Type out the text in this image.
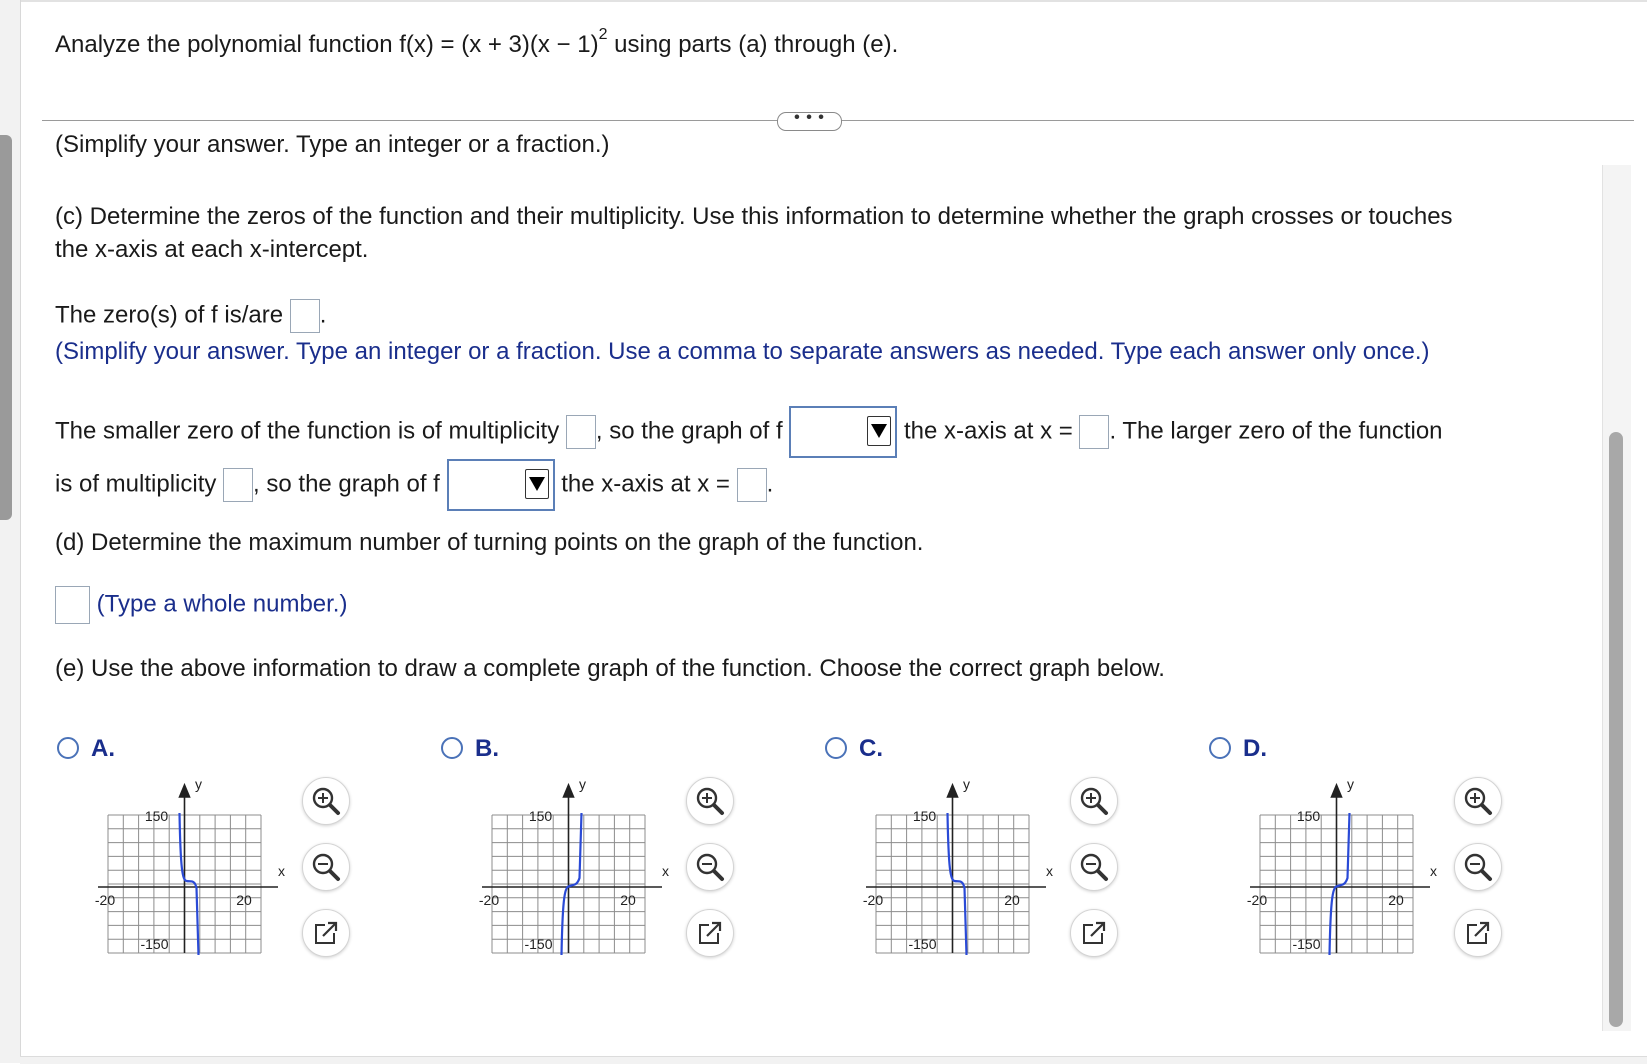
Analyze the polynomial function $f(x) = (x + 3)(x - 1)^2$ using parts (a) through (e).
• • •
(Simplify your answer. Type an integer or a fraction.)
(c) Determine the zeros of the function and their multiplicity. Use this information to determine whether the graph crosses or touches
the x-axis at each x-intercept.
The zero(s) of f is/are .
(Simplify your answer. Type an integer or a fraction. Use a comma to separate answers as needed. Type each answer only once.)
The smaller zero of the function is of multiplicity , so the graph of f	the x-axis at x = . The larger zero of the function
is of multiplicity , so the graph of f	the x-axis at x = .
(d) Determine the maximum number of turning points on the graph of the function.
(Type a whole number.)
(e) Use the above information to draw a complete graph of the function. Choose the correct graph below.
A.	B.	C.	D.
y
x
150
-150
-20	20
y
x
150
-150
-20	20
y
x
150
-150
-20	20
y
x
150
-150
-20	20
